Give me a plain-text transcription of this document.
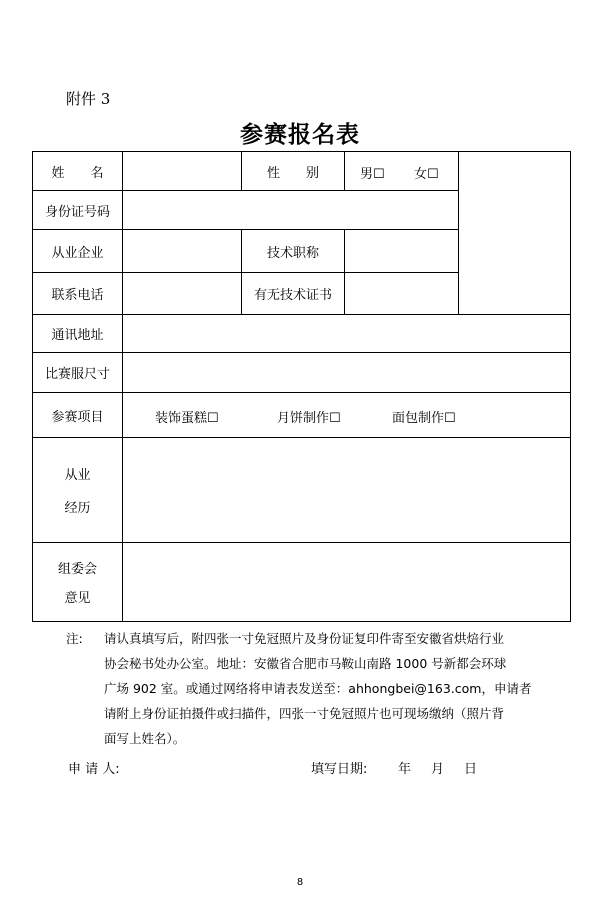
附件 3
参赛报名表
姓　　名	性　　别	男☐ 女☐
身份证号码
从业企业	技术职称
联系电话	有无技术证书
通讯地址
比赛服尺寸
参赛项目	装饰蛋糕☐	月饼制作☐	面包制作☐
从业
经历
组委会
意见
注: 请认真填写后，附四张一寸免冠照片及身份证复印件寄至安徽省烘焙行业
协会秘书处办公室。地址：安徽省合肥市马鞍山南路 1000 号新都会环球
广场 902 室。或通过网络将申请表发送至：ahhongbei@163.com，申请者
请附上身份证拍摄件或扫描件，四张一寸免冠照片也可现场缴纳（照片背
面写上姓名）。
申 请 人:	填写日期: 年 月 日
8
